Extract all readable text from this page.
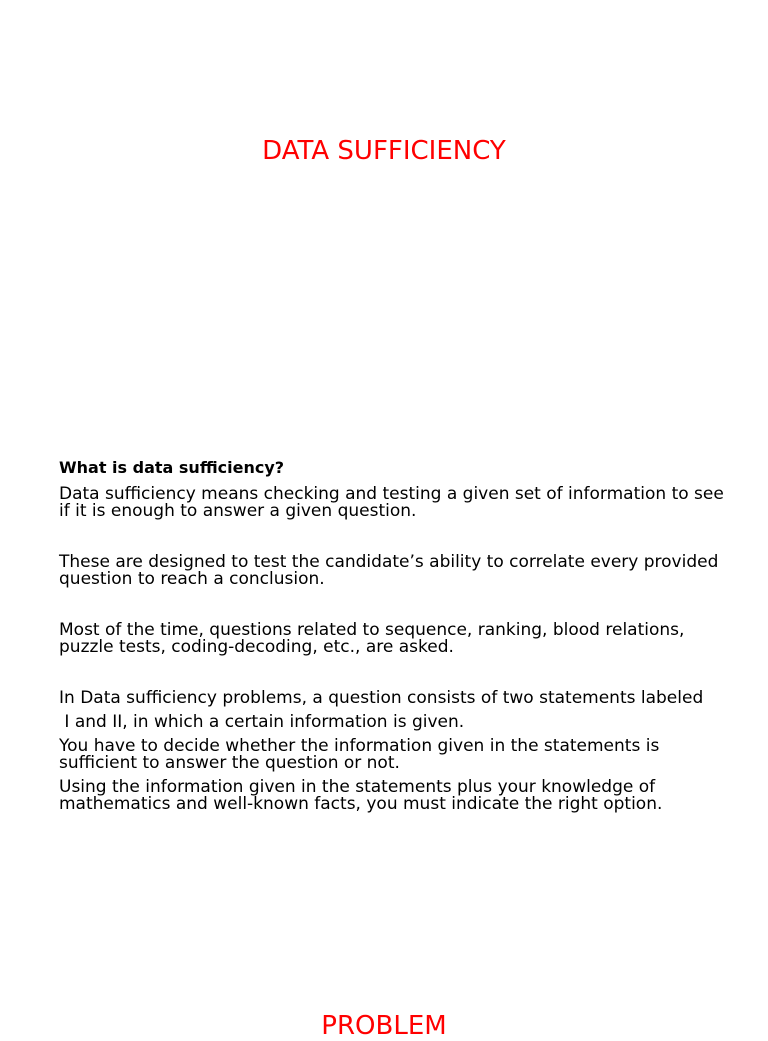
DATA SUFFICIENCY
What is data sufficiency?

Data sufficiency means checking and testing a given set of information to see if it is enough to answer a given question.

These are designed to test the candidate’s ability to correlate every provided question to reach a conclusion.

Most of the time, questions related to sequence, ranking, blood relations, puzzle tests, coding-decoding, etc., are asked.

In Data sufficiency problems, a question consists of two statements labeled

I and II, in which a certain information is given.

You have to decide whether the information given in the statements is sufficient to answer the question or not.

Using the information given in the statements plus your knowledge of mathematics and well-known facts, you must indicate the right option.

PROBLEM
